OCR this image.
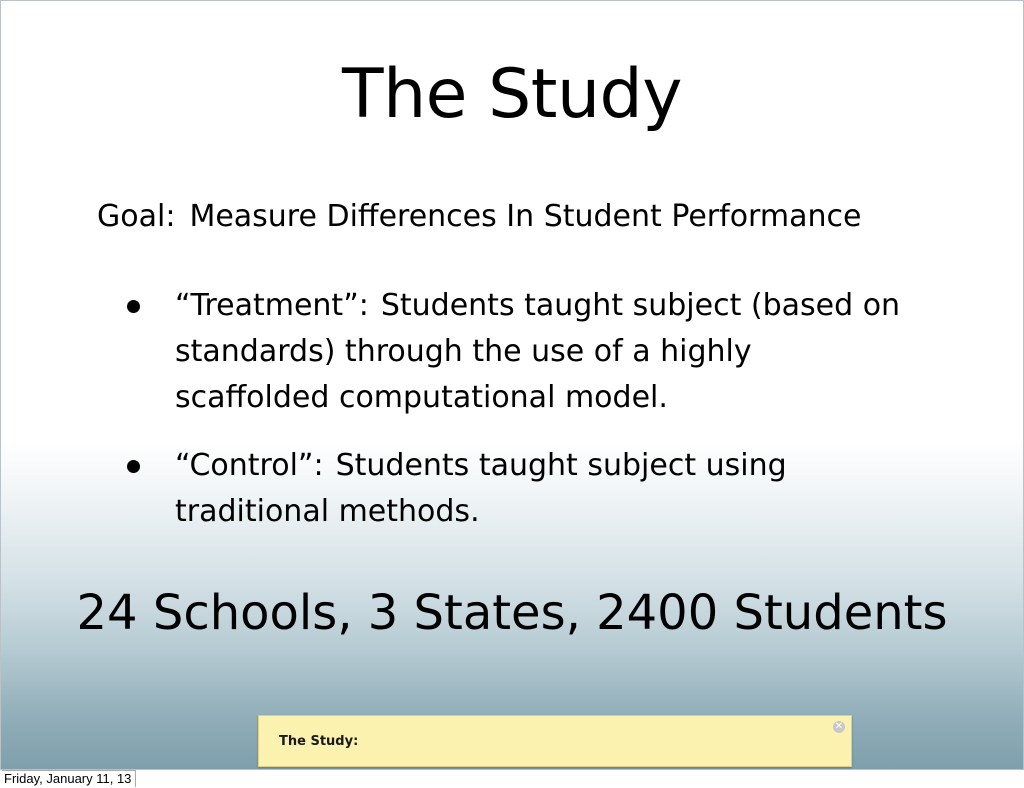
The Study
Goal: Measure Differences In Student Performance
“Treatment”: Students taught subject (based on standards) through the use of a highly scaffolded computational model.
“Control”: Students taught subject using traditional methods.
24 Schools, 3 States, 2400 Students
The Study:
✕
Friday, January 11, 13
